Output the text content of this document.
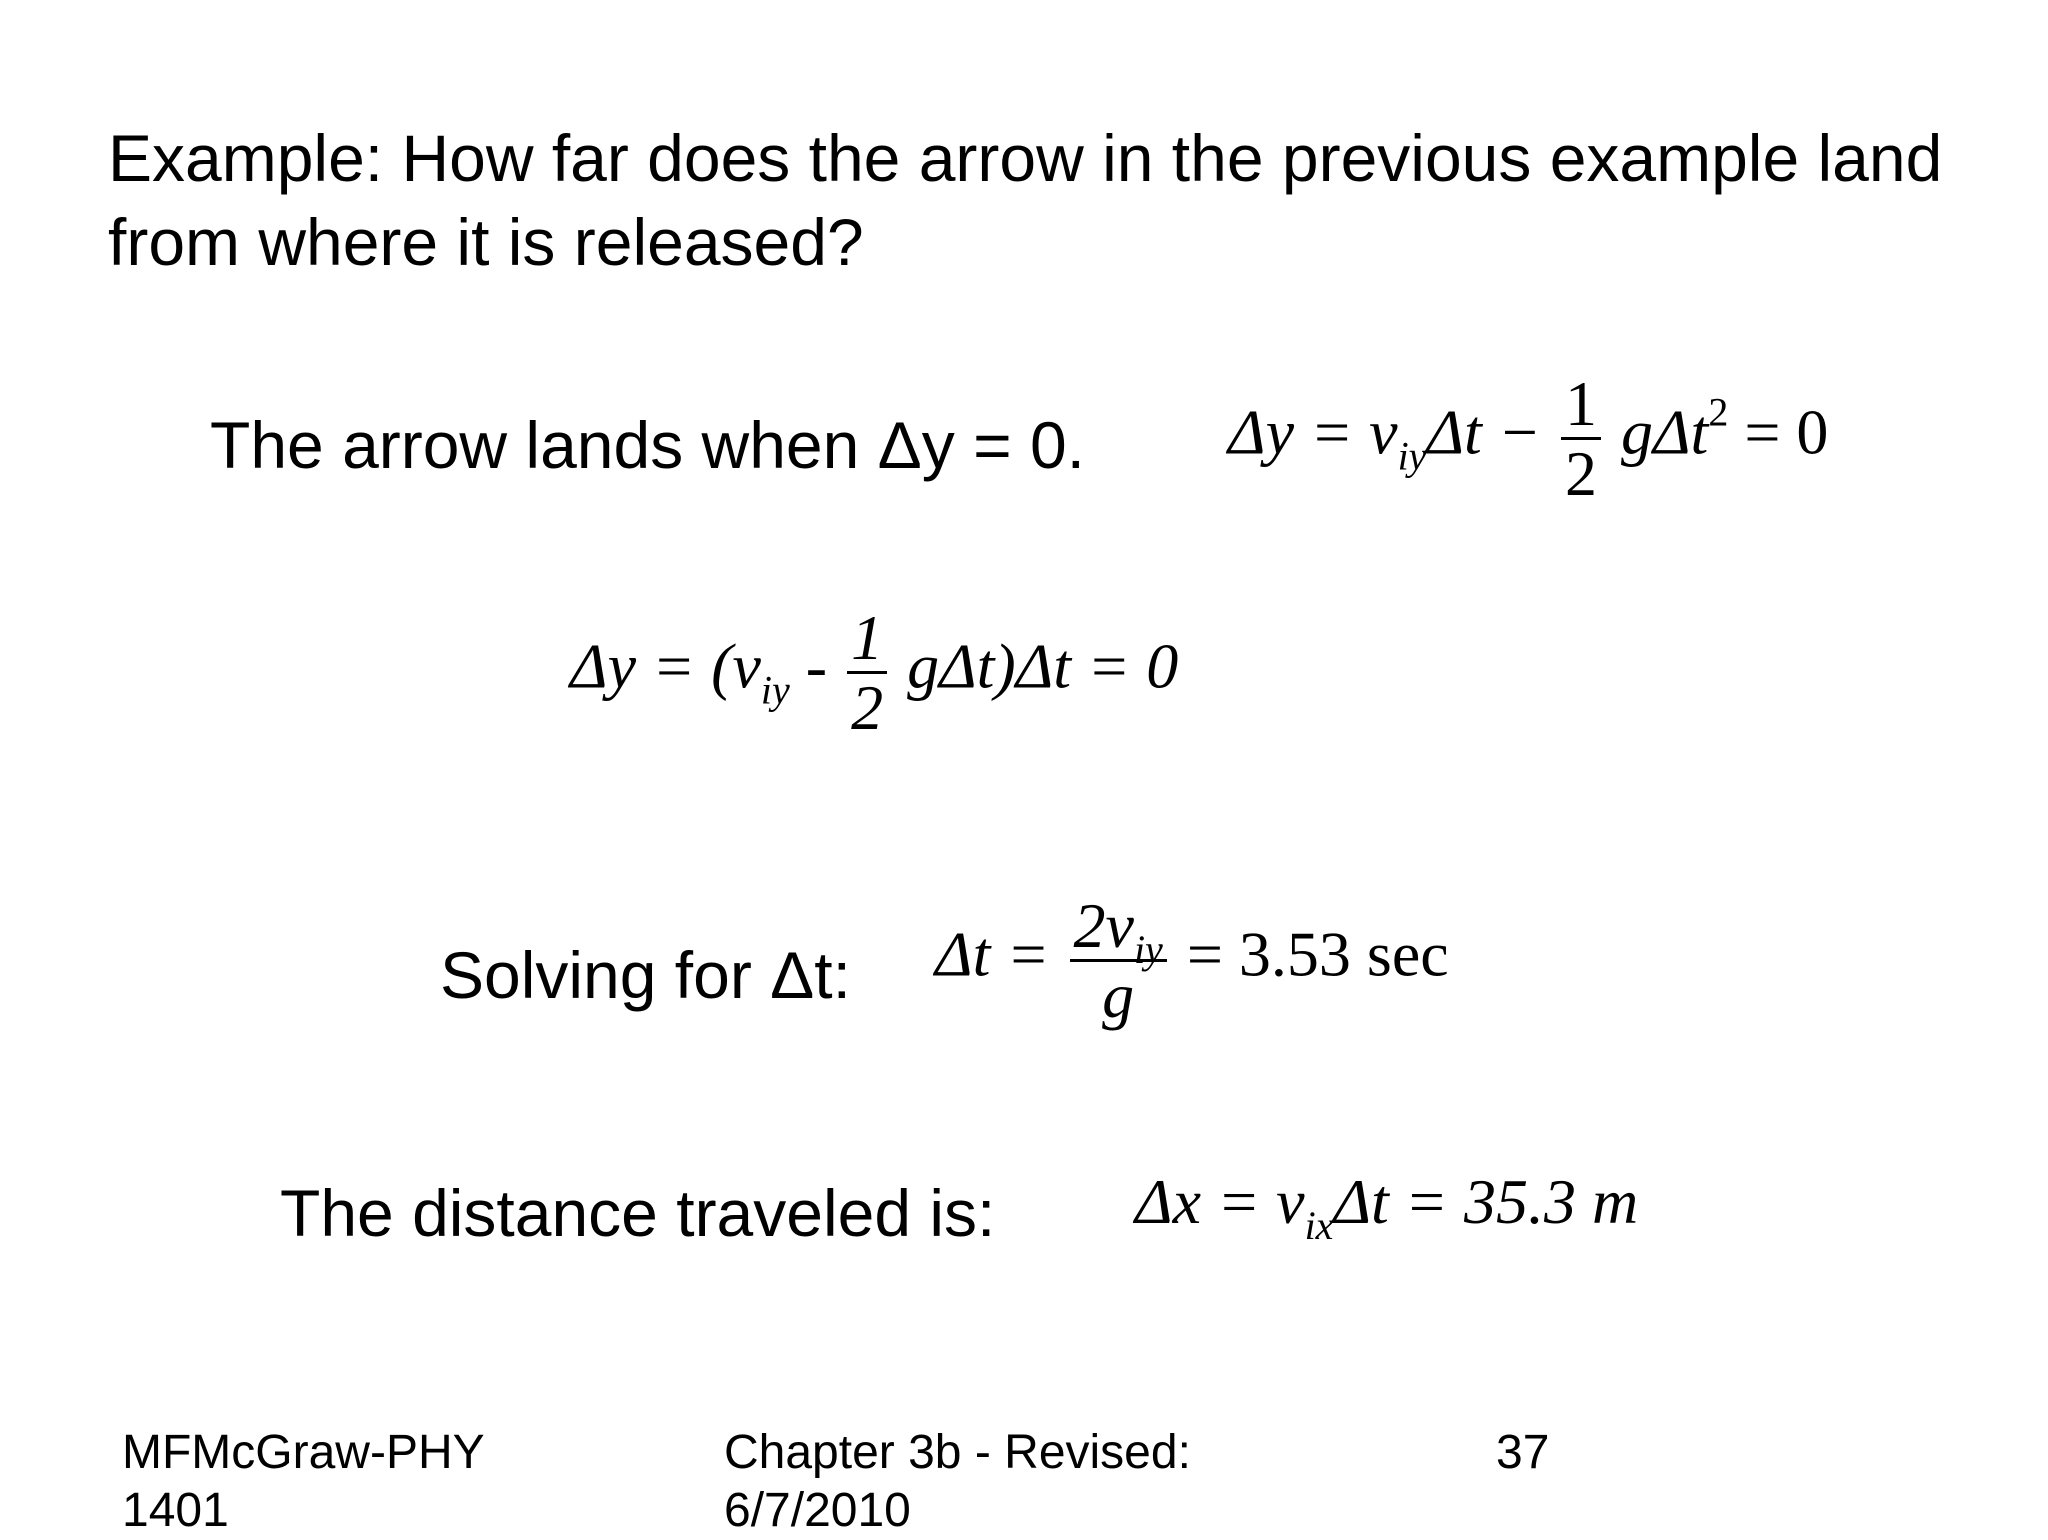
Example: How far does the arrow in the previous example land from where it is released?
The arrow lands when Δy = 0. $\Delta y = v_{iy}\Delta t - \frac{1}{2} g\Delta t^2 = 0$
$\Delta y = (v_{iy} - \frac{1}{2} g\Delta t)\Delta t = 0$
Solving for Δt: $\Delta t = \frac{2v_{iy}}{g} = 3.53$ sec
The distance traveled is: $\Delta x = v_{ix}\Delta t = 35.3$ m
MFMcGraw-PHY 1401
Chapter 3b - Revised: 6/7/2010
37
